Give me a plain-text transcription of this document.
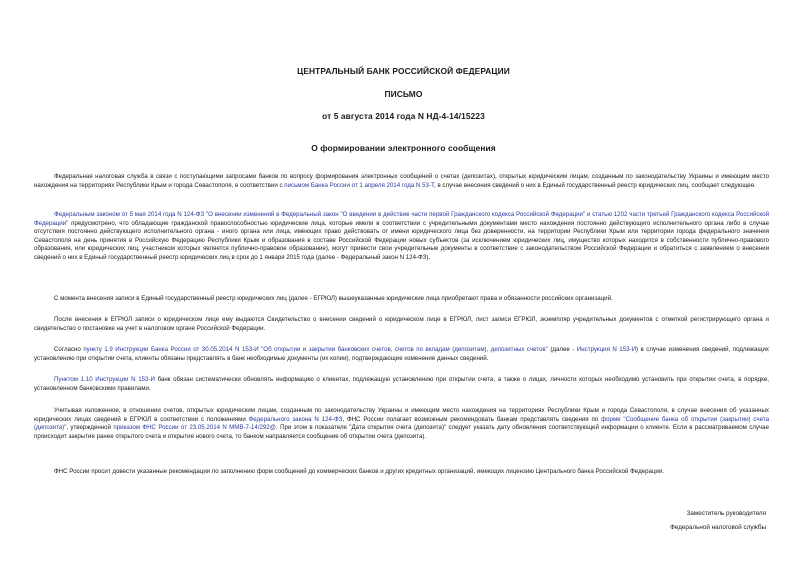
ЦЕНТРАЛЬНЫЙ БАНК РОССИЙСКОЙ ФЕДЕРАЦИИ
ПИСЬМО
от 5 августа 2014 года N НД-4-14/15223
О формировании электронного сообщения

Федеральная налоговая служба в связи с поступающими запросами банков по вопросу формирования электронных сообщений о счетах (депозитах), открытых юридическим лицам, созданным по законодательству Украины и имеющим место нахождения на территориях Республики Крым и города Севастополя, в соответствии с письмом Банка России от 1 апреля 2014 года N 53-Т, в случае внесения сведений о них в Единый государственный реестр юридических лиц, сообщает следующее.

Федеральным законом от 5 мая 2014 года N 124-ФЗ "О внесении изменений в Федеральный закон "О введении в действие части первой Гражданского кодекса Российской Федерации" и статью 1202 части третьей Гражданского кодекса Российской Федерации" предусмотрено, что обладающие гражданской правоспособностью юридические лица, которые имели в соответствии с учредительными документами место нахождения постоянно действующего исполнительного органа либо в случае отсутствия постоянно действующего исполнительного органа - иного органа или лица, имеющих право действовать от имени юридического лица без доверенности, на территории Республики Крым или территории города федерального значения Севастополя на день принятия в Российскую Федерацию Республики Крым и образования в составе Российской Федерации новых субъектов (за исключением юридических лиц, имущество которых находится в собственности публично-правового образования, или юридических лиц, участником которых является публично-правовое образование), могут привести свои учредительные документы в соответствие с законодательством Российской Федерации и обратиться с заявлением о внесении сведений о них в Единый государственный реестр юридических лиц в срок до 1 января 2015 года (далее - Федеральный закон N 124-ФЗ).

С момента внесения записи в Единый государственный реестр юридических лиц (далее - ЕГРЮЛ) вышеуказанные юридические лица приобретают права и обязанности российских организаций.

После внесения в ЕГРЮЛ записи о юридическом лице ему выдаются Свидетельство о внесении сведений о юридическом лице в ЕГРЮЛ, лист записи ЕГРЮЛ, экземпляр учредительных документов с отметкой регистрирующего органа и свидетельство о постановке на учет в налоговом органе Российской Федерации.

Согласно пункту 1.9 Инструкции Банка России от 30.05.2014 N 153-И "Об открытии и закрытии банковских счетов, счетов по вкладам (депозитам), депозитных счетов" (далее - Инструкция N 153-И) в случае изменения сведений, подлежащих установлению при открытии счета, клиенты обязаны представлять в банк необходимые документы (их копии), подтверждающие изменение данных сведений.

Пунктом 1.10 Инструкции N 153-И банк обязан систематически обновлять информацию о клиентах, подлежащую установлению при открытии счета, а также о лицах, личности которых необходимо установить при открытии счета, в порядке, установленном банковскими правилами.

Учитывая изложенное, в отношении счетов, открытых юридическим лицам, созданным по законодательству Украины и имеющим место нахождения на территориях Республики Крым и города Севастополя, в случае внесения об указанных юридических лицах сведений в ЕГРЮЛ в соответствии с положениями Федерального закона N 124-ФЗ, ФНС России полагает возможным рекомендовать банкам представлять сведения по форме "Сообщение банка об открытии (закрытии) счета (депозита)", утвержденной приказом ФНС России от 23.05.2014 N ММВ-7-14/292@. При этом в показателе "Дата открытия счета (депозита)" следует указать дату обновления соответствующей информации о клиенте. Если в рассматриваемом случае происходит закрытие ранее открытого счета и открытие нового счета, то банком направляется сообщение об открытии счета (депозита).

ФНС России просит довести указанные рекомендации по заполнению форм сообщений до коммерческих банков и других кредитных организаций, имеющих лицензию Центрального банка Российской Федерации.

Заместитель руководителя
Федеральной налоговой службы
